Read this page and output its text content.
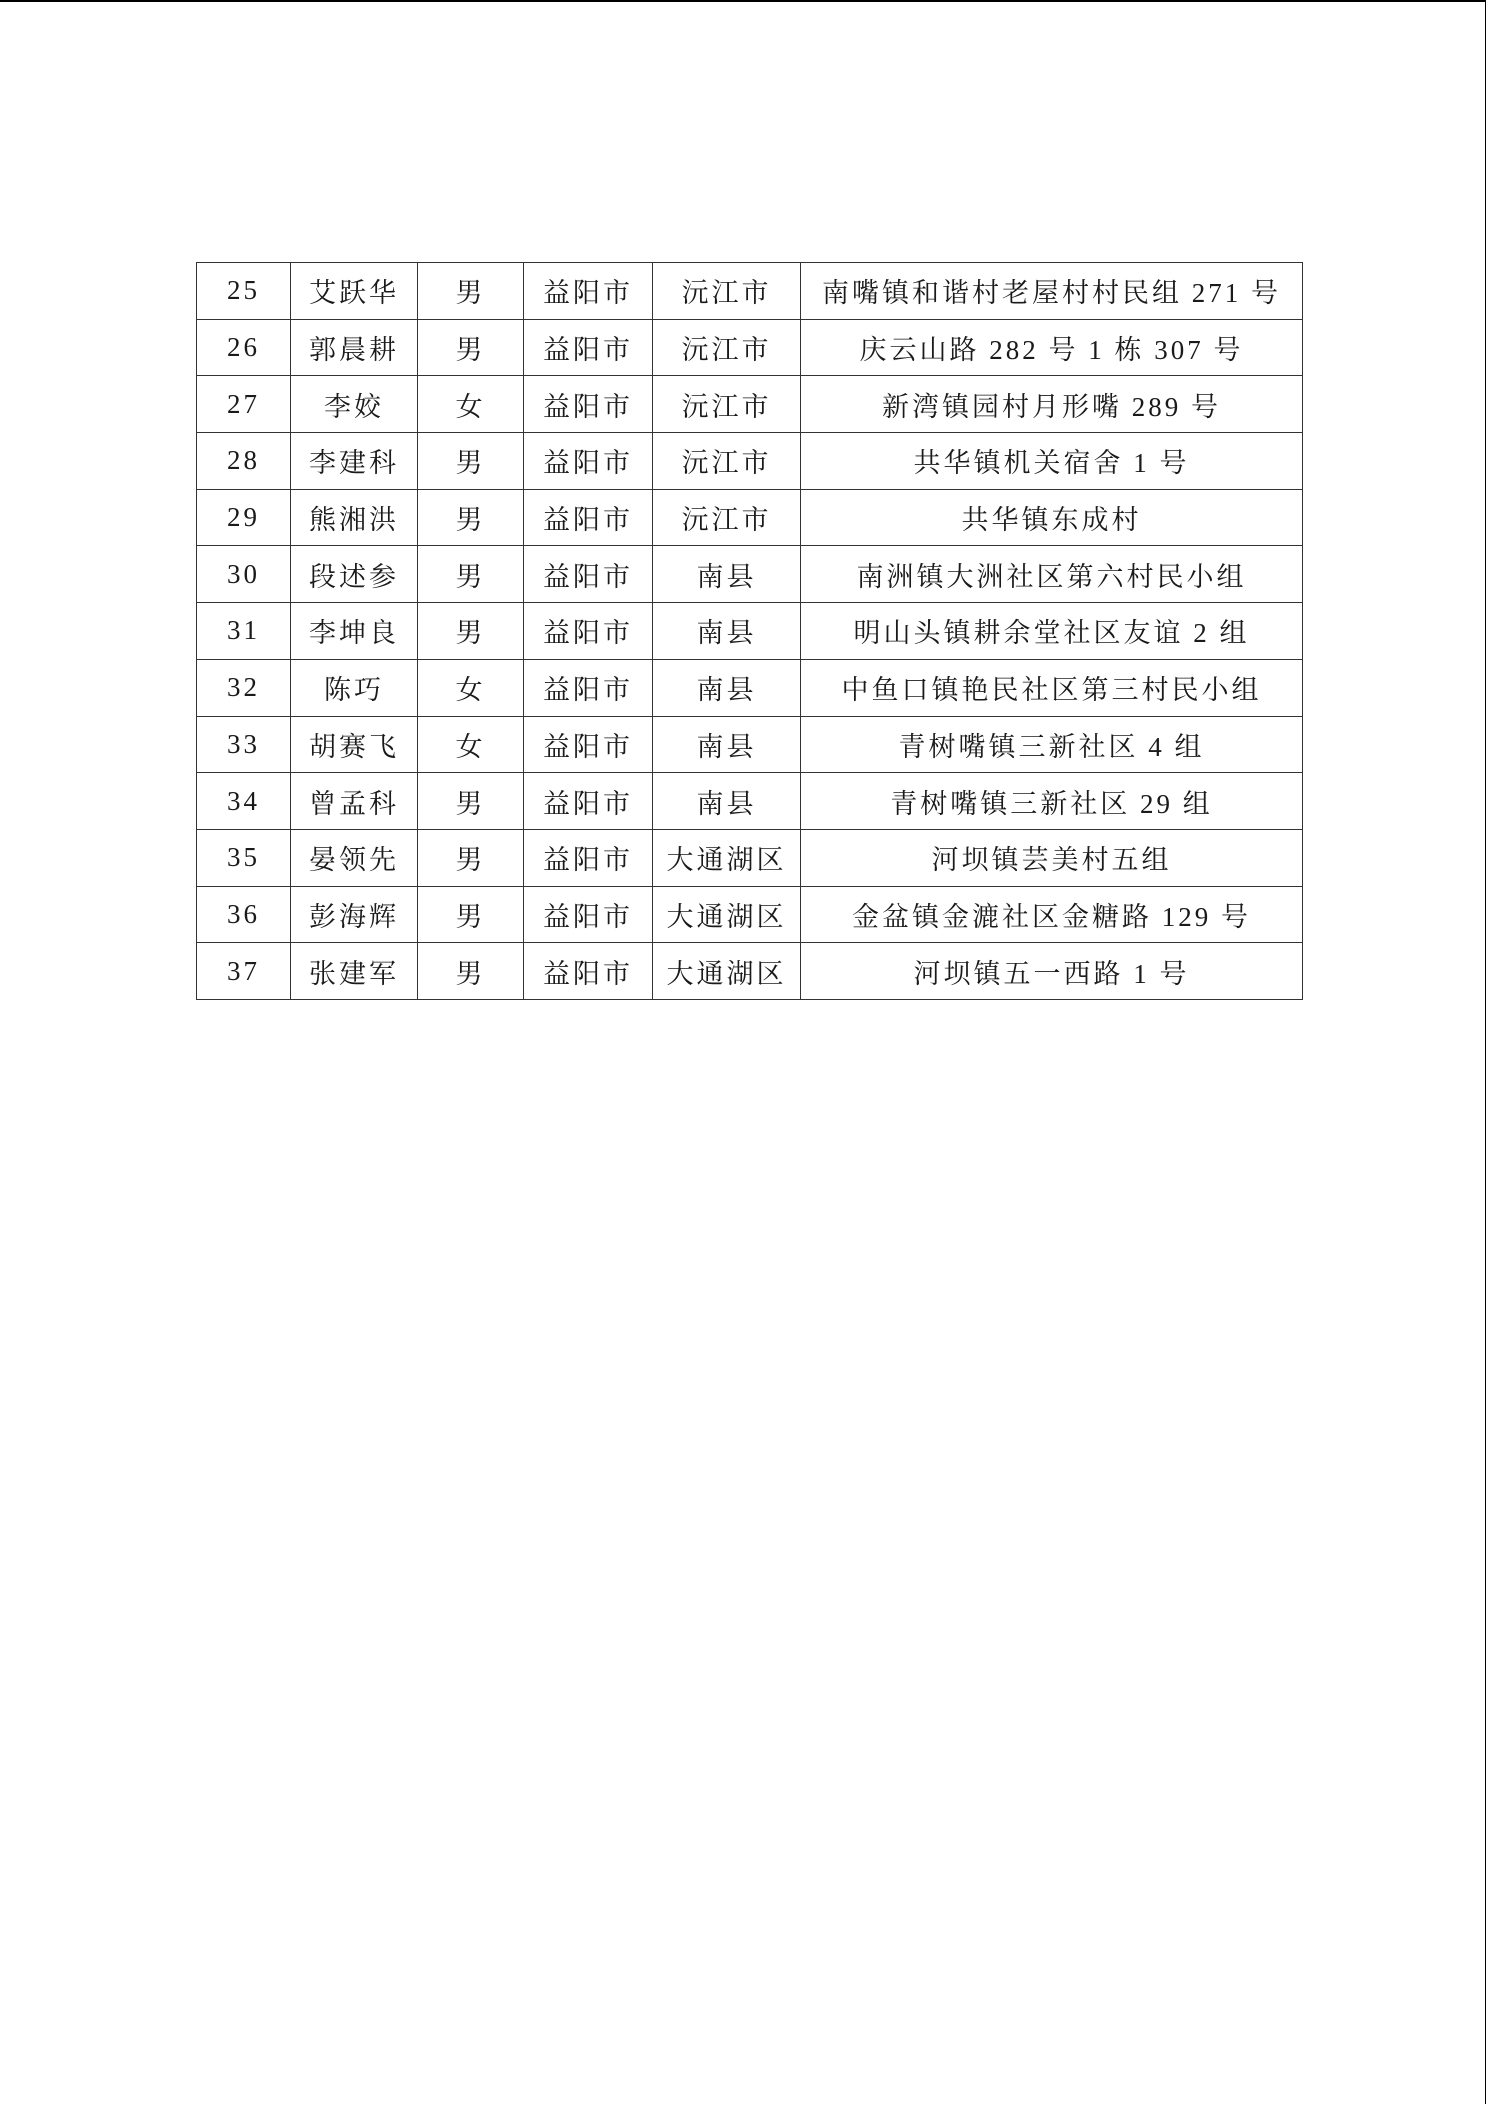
25	艾跃华	男	益阳市	沅江市	南嘴镇和谐村老屋村村民组 271 号
26	郭晨耕	男	益阳市	沅江市	庆云山路 282 号 1 栋 307 号
27	李姣	女	益阳市	沅江市	新湾镇园村月形嘴 289 号
28	李建科	男	益阳市	沅江市	共华镇机关宿舍 1 号
29	熊湘洪	男	益阳市	沅江市	共华镇东成村
30	段述参	男	益阳市	南县	南洲镇大洲社区第六村民小组
31	李坤良	男	益阳市	南县	明山头镇耕余堂社区友谊 2 组
32	陈巧	女	益阳市	南县	中鱼口镇艳民社区第三村民小组
33	胡赛飞	女	益阳市	南县	青树嘴镇三新社区 4 组
34	曾孟科	男	益阳市	南县	青树嘴镇三新社区 29 组
35	晏领先	男	益阳市	大通湖区	河坝镇芸美村五组
36	彭海辉	男	益阳市	大通湖区	金盆镇金漉社区金糖路 129 号
37	张建军	男	益阳市	大通湖区	河坝镇五一西路 1 号
